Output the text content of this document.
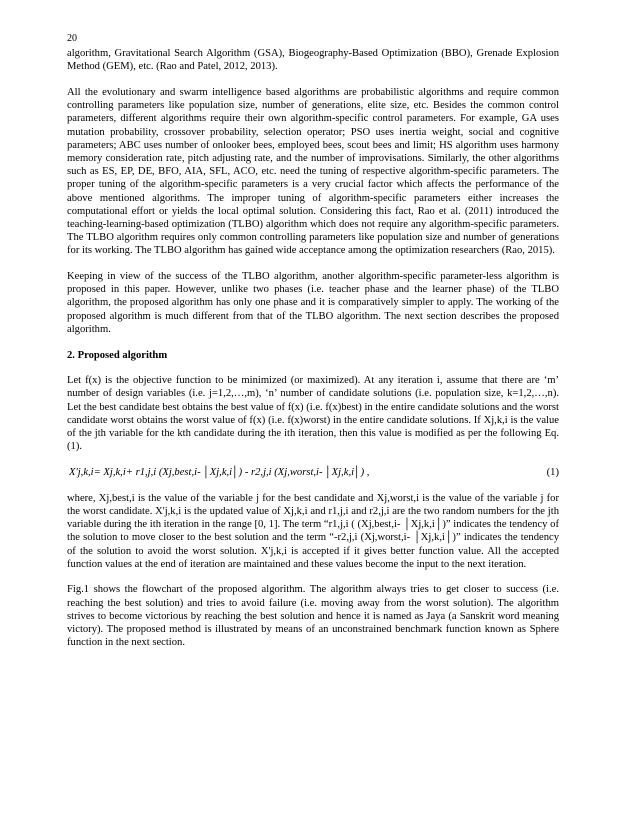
20

algorithm, Gravitational Search Algorithm (GSA), Biogeography-Based Optimization (BBO), Grenade Explosion Method (GEM), etc. (Rao and Patel, 2012, 2013).

All the evolutionary and swarm intelligence based algorithms are probabilistic algorithms and require common controlling parameters like population size, number of generations, elite size, etc. Besides the common control parameters, different algorithms require their own algorithm-specific control parameters. For example, GA uses mutation probability, crossover probability, selection operator; PSO uses inertia weight, social and cognitive parameters; ABC uses number of onlooker bees, employed bees, scout bees and limit; HS algorithm uses harmony memory consideration rate, pitch adjusting rate, and the number of improvisations. Similarly, the other algorithms such as ES, EP, DE, BFO, AIA, SFL, ACO, etc. need the tuning of respective algorithm-specific parameters. The proper tuning of the algorithm-specific parameters is a very crucial factor which affects the performance of the above mentioned algorithms. The improper tuning of algorithm-specific parameters either increases the computational effort or yields the local optimal solution. Considering this fact, Rao et al. (2011) introduced the teaching-learning-based optimization (TLBO) algorithm which does not require any algorithm-specific parameters. The TLBO algorithm requires only common controlling parameters like population size and number of generations for its working. The TLBO algorithm has gained wide acceptance among the optimization researchers (Rao, 2015).

Keeping in view of the success of the TLBO algorithm, another algorithm-specific parameter-less algorithm is proposed in this paper. However, unlike two phases (i.e. teacher phase and the learner phase) of the TLBO algorithm, the proposed algorithm has only one phase and it is comparatively simpler to apply. The working of the proposed algorithm is much different from that of the TLBO algorithm. The next section describes the proposed algorithm.

2. Proposed algorithm

Let f(x) is the objective function to be minimized (or maximized). At any iteration i, assume that there are ‘m’ number of design variables (i.e. j=1,2,…,m), ‘n’ number of candidate solutions (i.e. population size, k=1,2,…,n). Let the best candidate best obtains the best value of f(x) (i.e. f(x)best) in the entire candidate solutions and the worst candidate worst obtains the worst value of f(x) (i.e. f(x)worst) in the entire candidate solutions. If Xj,k,i is the value of the jth variable for the kth candidate during the ith iteration, then this value is modified as per the following Eq. (1).

X'j,k,i= Xj,k,i+ r1,j,i (Xj,best,i- │Xj,k,i│) - r2,j,i (Xj,worst,i- │Xj,k,i│) ,	(1)

where, Xj,best,i is the value of the variable j for the best candidate and Xj,worst,i is the value of the variable j for the worst candidate. X'j,k,i is the updated value of Xj,k,i and r1,j,i and r2,j,i are the two random numbers for the jth variable during the ith iteration in the range [0, 1]. The term “r1,j,i ( (Xj,best,i- │Xj,k,i│)” indicates the tendency of the solution to move closer to the best solution and the term “-r2,j,i (Xj,worst,i- │Xj,k,i│)” indicates the tendency of the solution to avoid the worst solution. X'j,k,i is accepted if it gives better function value. All the accepted function values at the end of iteration are maintained and these values become the input to the next iteration.

Fig.1 shows the flowchart of the proposed algorithm. The algorithm always tries to get closer to success (i.e. reaching the best solution) and tries to avoid failure (i.e. moving away from the worst solution). The algorithm strives to become victorious by reaching the best solution and hence it is named as Jaya (a Sanskrit word meaning victory). The proposed method is illustrated by means of an unconstrained benchmark function known as Sphere function in the next section.
